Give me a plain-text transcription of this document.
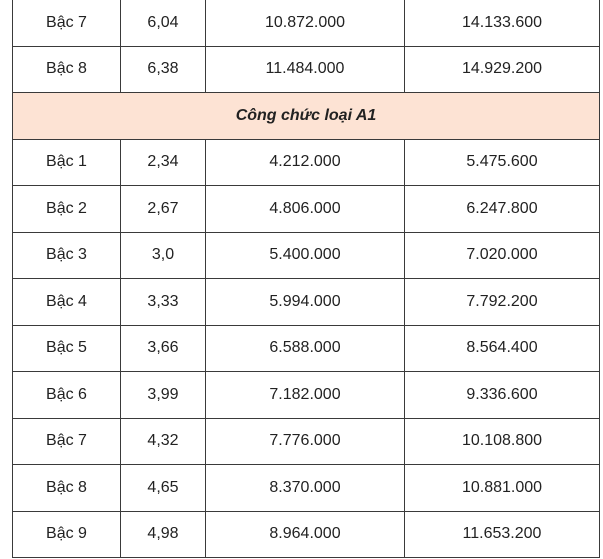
Bậc 7	6,04	10.872.000	14.133.600
Bậc 8	6,38	11.484.000	14.929.200
Công chức loại A1			
Bậc 1	2,34	4.212.000	5.475.600
Bậc 2	2,67	4.806.000	6.247.800
Bậc 3	3,0	5.400.000	7.020.000
Bậc 4	3,33	5.994.000	7.792.200
Bậc 5	3,66	6.588.000	8.564.400
Bậc 6	3,99	7.182.000	9.336.600
Bậc 7	4,32	7.776.000	10.108.800
Bậc 8	4,65	8.370.000	10.881.000
Bậc 9	4,98	8.964.000	11.653.200
